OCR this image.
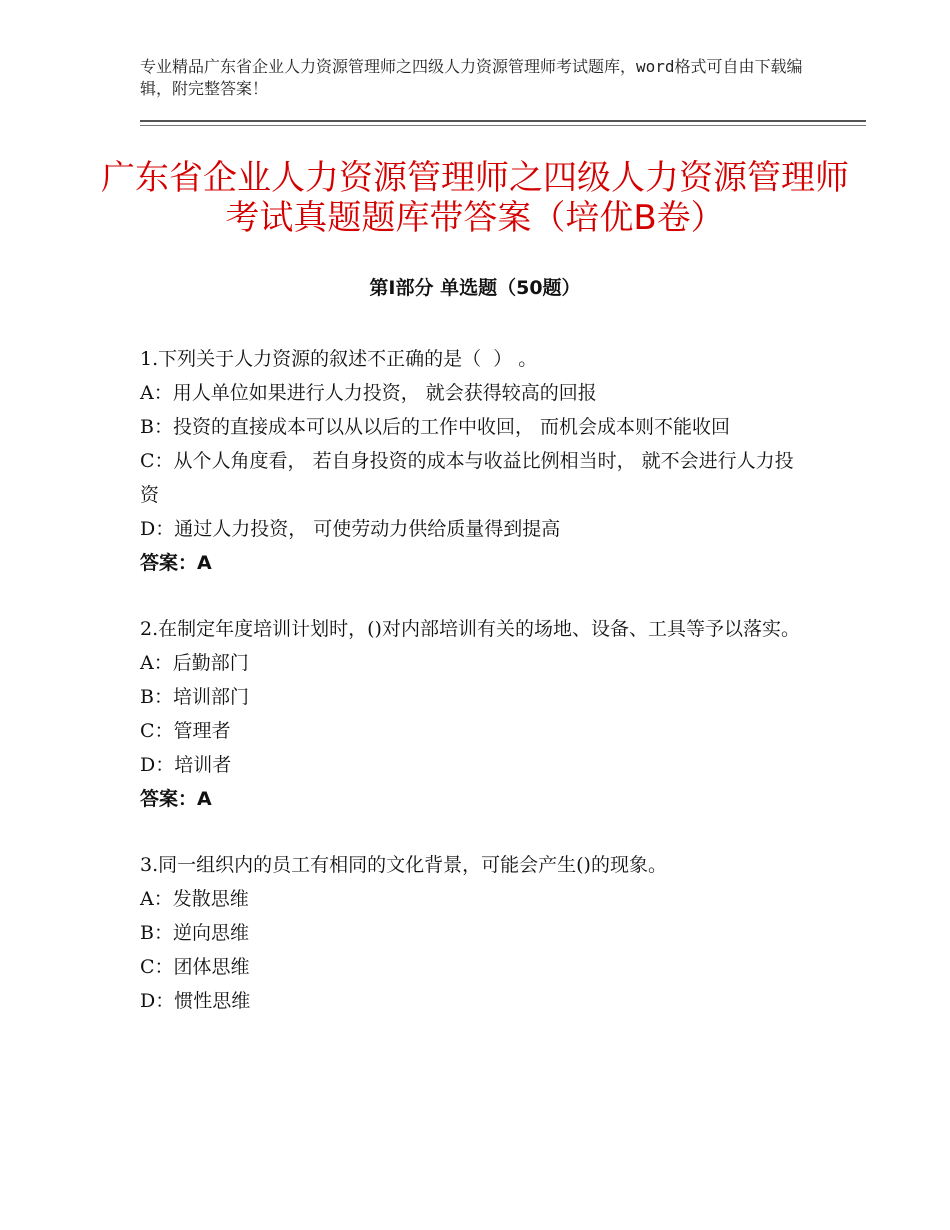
专业精品广东省企业人力资源管理师之四级人力资源管理师考试题库，word格式可自由下载编辑，附完整答案！
广东省企业人力资源管理师之四级人力资源管理师考试真题题库带答案（培优B卷）
第Ⅰ部分 单选题（50题）
1.下列关于人力资源的叙述不正确的是（  ） 。
A：用人单位如果进行人力投资， 就会获得较高的回报
B：投资的直接成本可以从以后的工作中收回， 而机会成本则不能收回
C：从个人角度看， 若自身投资的成本与收益比例相当时， 就不会进行人力投资
D：通过人力投资， 可使劳动力供给质量得到提高
答案：A
2.在制定年度培训计划时，()对内部培训有关的场地、设备、工具等予以落实。
A：后勤部门
B：培训部门
C：管理者
D：培训者
答案：A
3.同一组织内的员工有相同的文化背景，可能会产生()的现象。
A：发散思维
B：逆向思维
C：团体思维
D：惯性思维
